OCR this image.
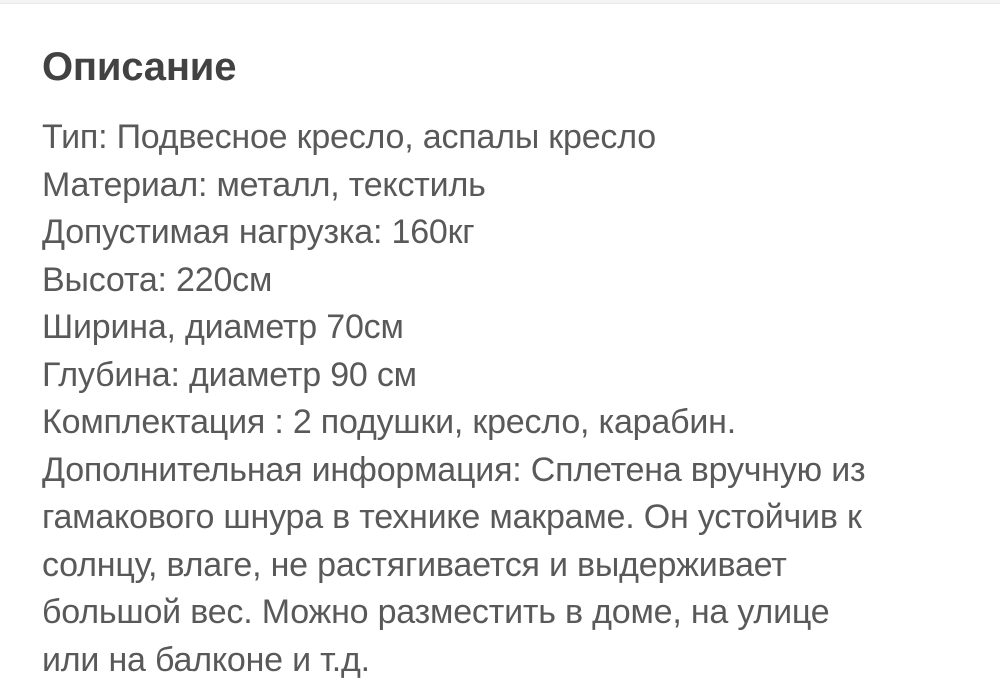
Описание
Тип: Подвесное кресло, аспалы кресло
Материал: металл, текстиль
Допустимая нагрузка: 160кг
Высота: 220см
Ширина, диаметр 70см
Глубина: диаметр 90 см
Комплектация : 2 подушки, кресло, карабин.
Дополнительная информация: Сплетена вручную из
гамакового шнура в технике макраме. Он устойчив к
солнцу, влаге, не растягивается и выдерживает
большой вес. Можно разместить в доме, на улице
или на балконе и т.д.
